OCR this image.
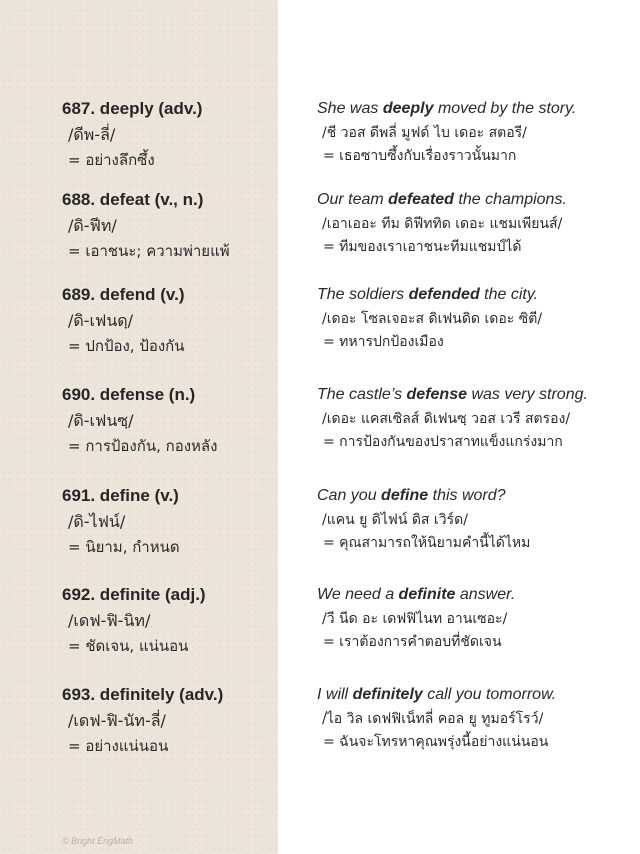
687. deeply (adv.)
/ดีพ-ลี่/
= อย่างลึกซึ้ง
She was deeply moved by the story.
/ชี วอส ดีพลี่ มูฟด์ ไบ เดอะ สตอรี/
= เธอซาบซึ้งกับเรื่องราวนั้นมาก
688. defeat (v., n.)
/ดิ-ฟีท/
= เอาชนะ; ความพ่ายแพ้
Our team defeated the champions.
/เอาเออะ ทีม ดิฟีททิด เดอะ แชมเพียนส์/
= ทีมของเราเอาชนะทีมแชมป์ได้
689. defend (v.)
/ดิ-เฟนดฺ/
= ปกป้อง, ป้องกัน
The soldiers defended the city.
/เดอะ โซลเจอะส ดิเฟนดิด เดอะ ซิตี/
= ทหารปกป้องเมือง
690. defense (n.)
/ดิ-เฟนซฺ/
= การป้องกัน, กองหลัง
The castle’s defense was very strong.
/เดอะ แคสเซิลส์ ดิเฟนซฺ วอส เวรี สตรอง/
= การป้องกันของปราสาทแข็งแกร่งมาก
691. define (v.)
/ดิ-ไฟน์/
= นิยาม, กำหนด
Can you define this word?
/แคน ยู ดิไฟน์ ดิส เวิร์ด/
= คุณสามารถให้นิยามคำนี้ได้ไหม
692. definite (adj.)
/เดฟ-ฟิ-นิท/
= ชัดเจน, แน่นอน
We need a definite answer.
/วี นีด อะ เดฟฟิไนท อานเซอะ/
= เราต้องการคำตอบที่ชัดเจน
693. definitely (adv.)
/เดฟ-ฟิ-นัท-ลี่/
= อย่างแน่นอน
I will definitely call you tomorrow.
/ไอ วิล เดฟฟิเน็ทลี่ คอล ยู ทูมอร์โรว์/
= ฉันจะโทรหาคุณพรุ่งนี้อย่างแน่นอน
© Bright EngMath
